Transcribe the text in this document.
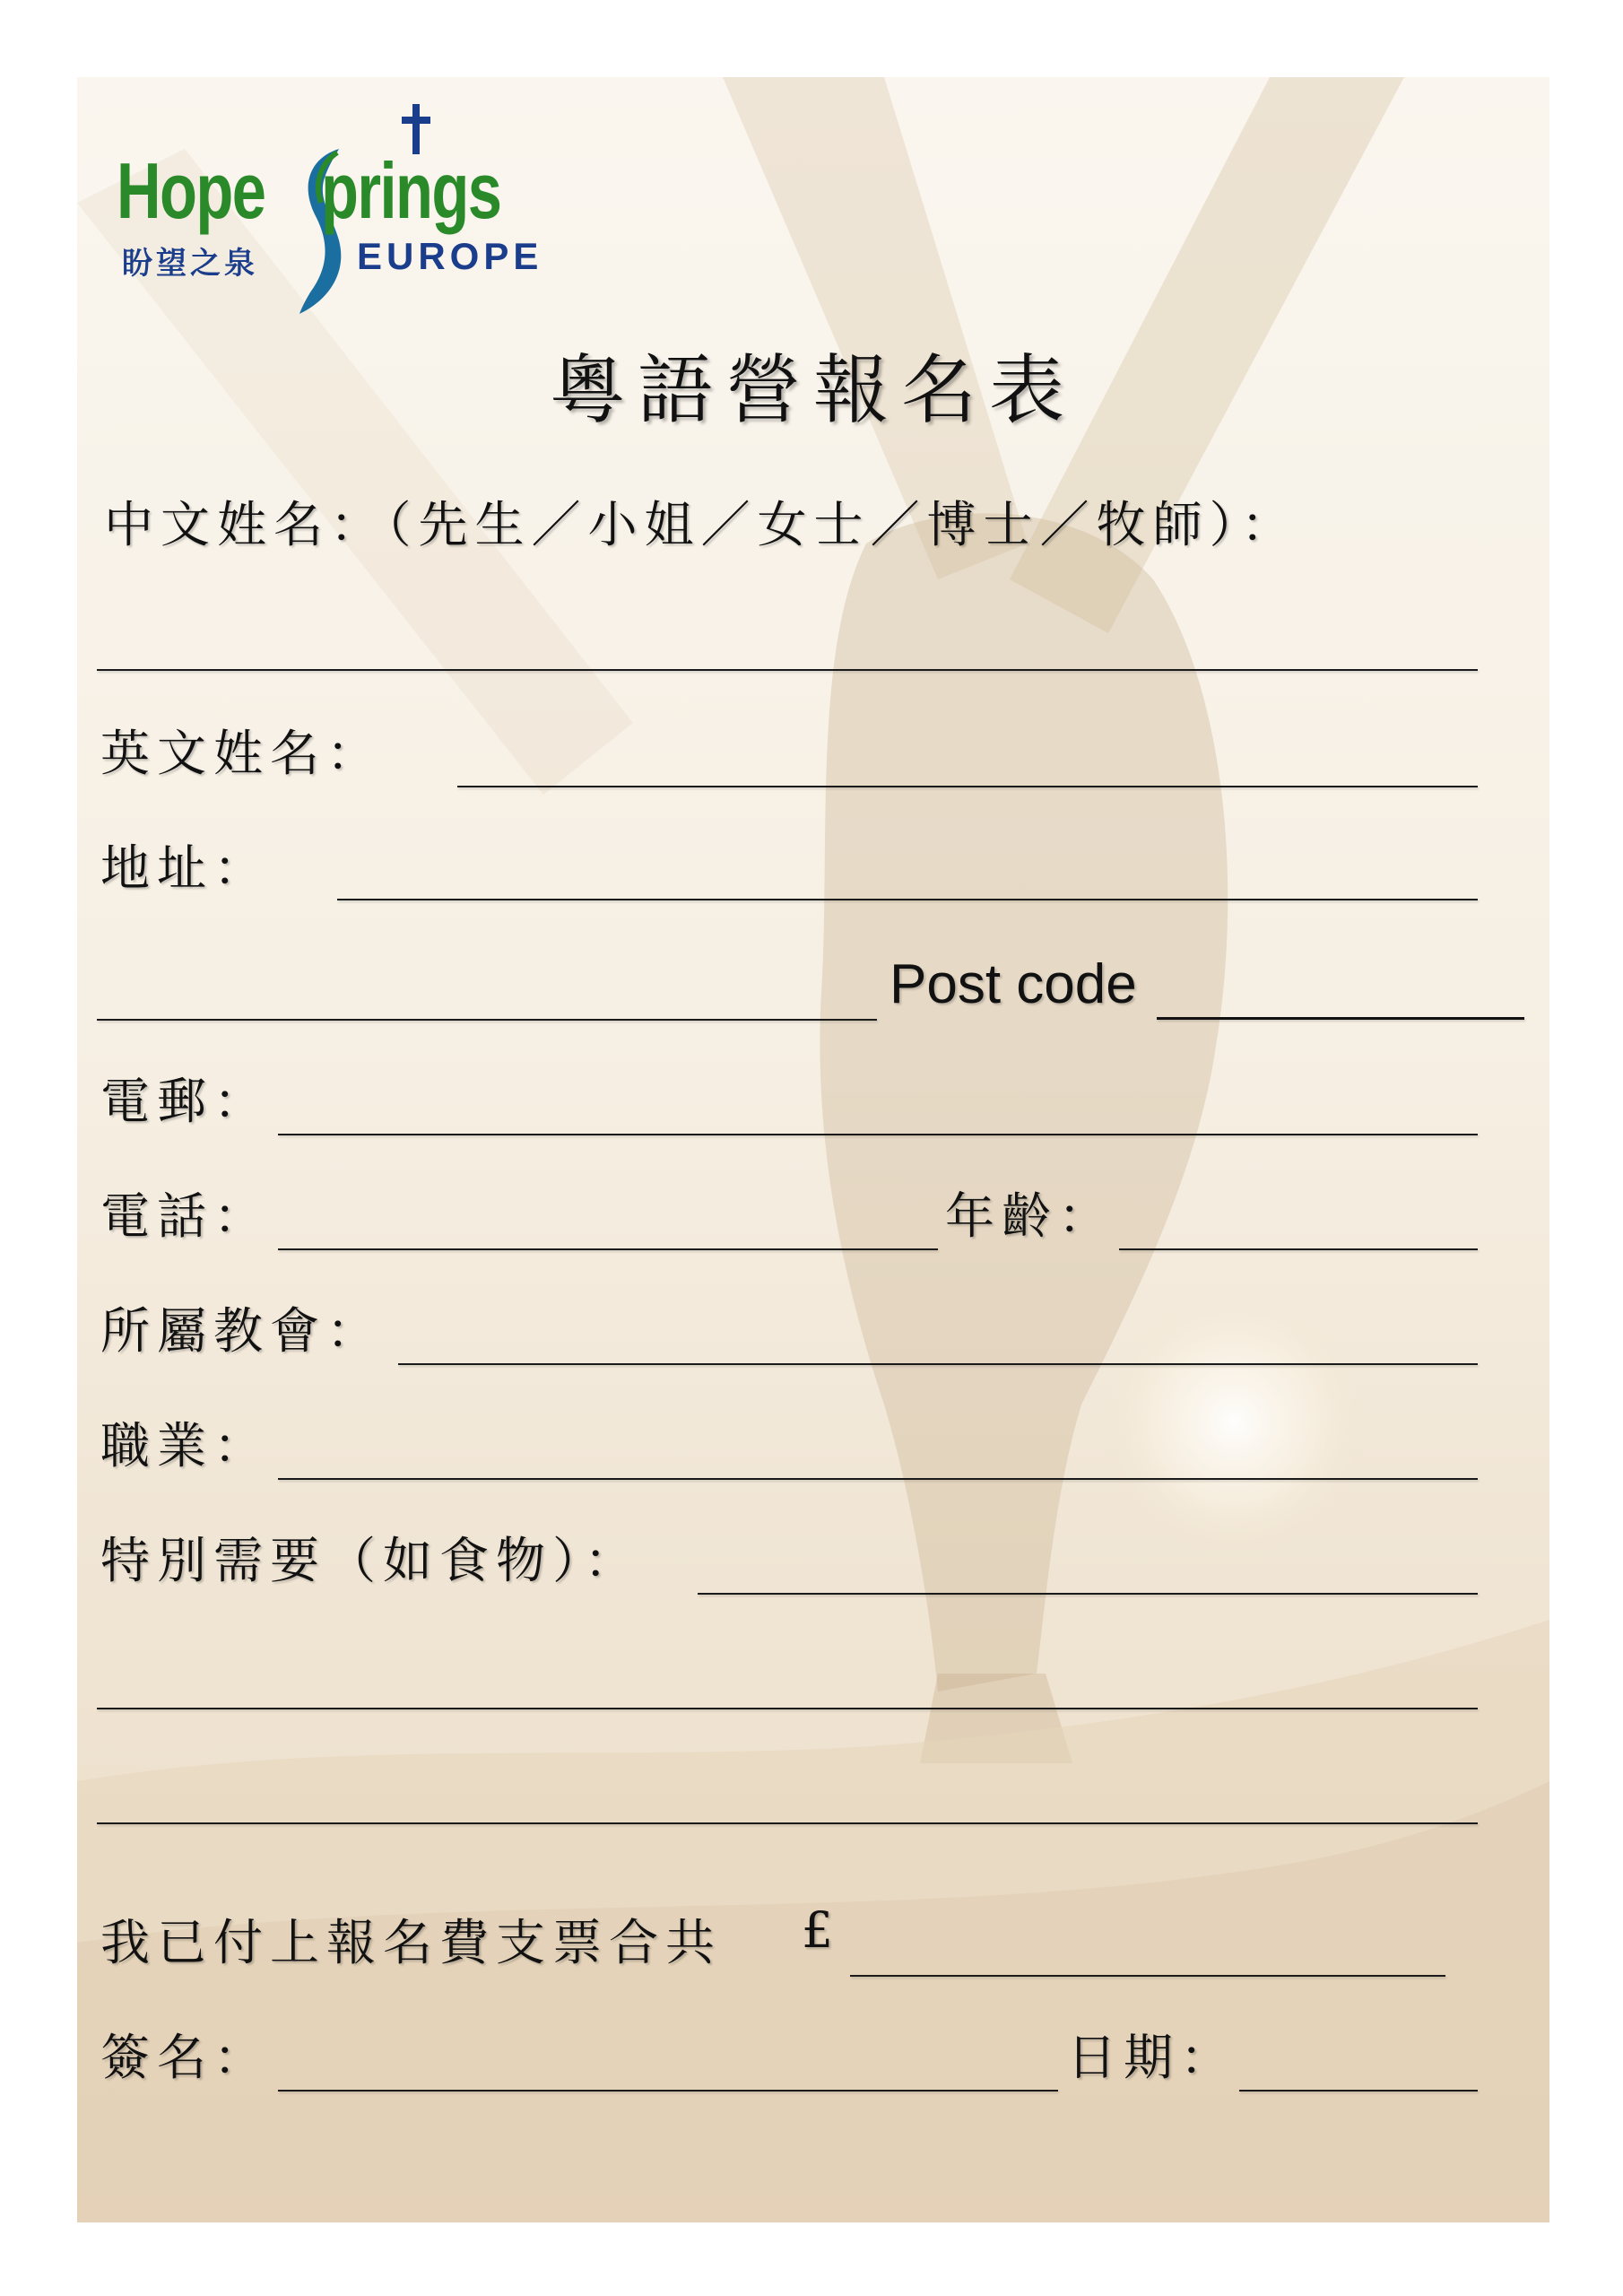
Hope prings
盼望之泉	EUROPE
粵語營報名表
中文姓名：（先生／小姐／女士／博士／牧師）：
英文姓名：
地址：
Post code
電郵：
電話：	年齡：
所屬教會：
職業：
特別需要（如食物）：
我已付上報名費支票合共 £
簽名：	日期：
